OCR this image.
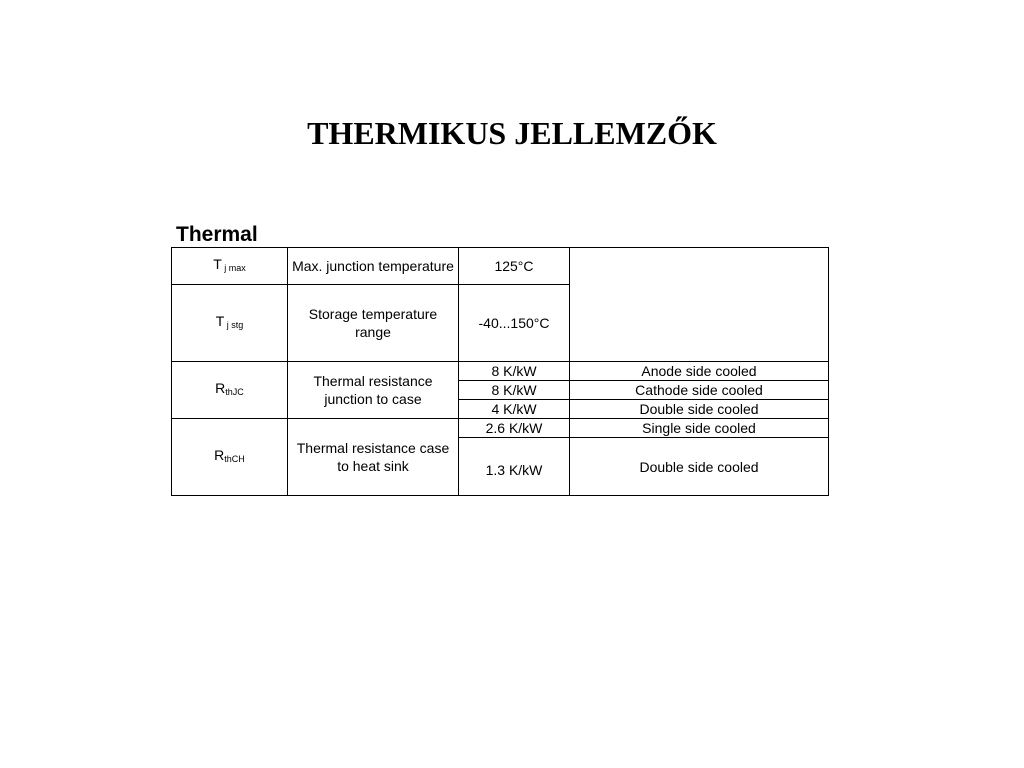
THERMIKUS JELLEMZŐK
Thermal
T j max	Max. junction temperature	125°C	
T j stg	Storage temperature range	-40...150°C	
RthJC	Thermal resistance junction to case	8 K/kW	Anode side cooled
		8 K/kW	Cathode side cooled
		4 K/kW	Double side cooled
RthCH	Thermal resistance case to heat sink	2.6 K/kW	Single side cooled
		1.3 K/kW	Double side cooled
